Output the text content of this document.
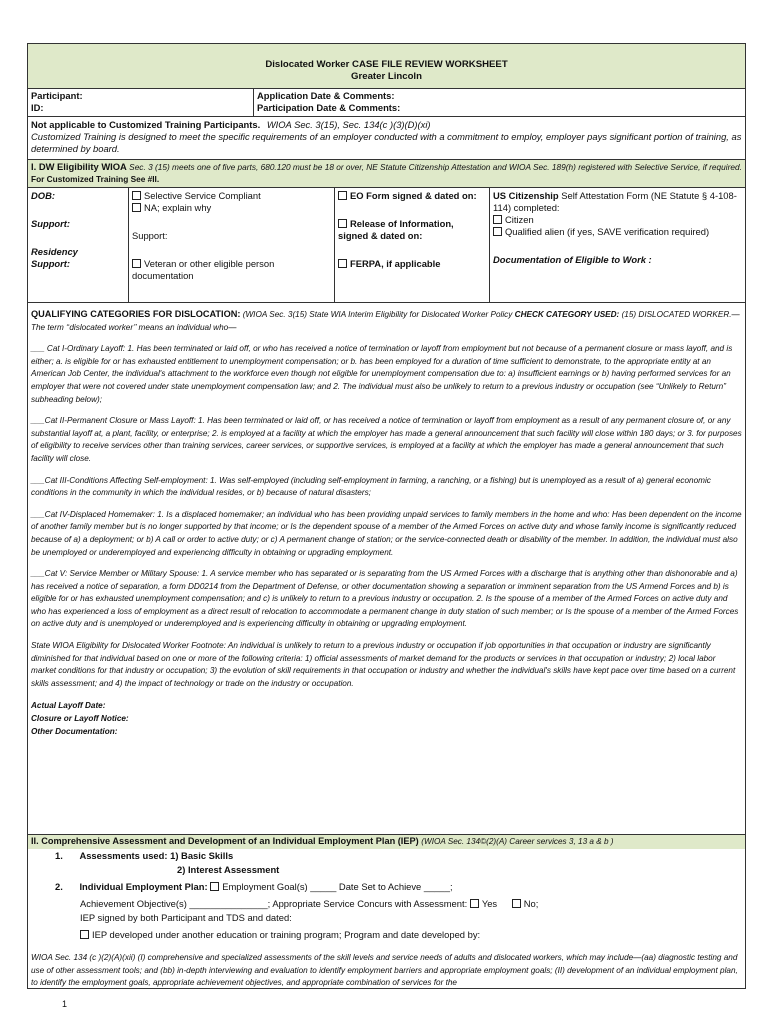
Dislocated Worker CASE FILE REVIEW WORKSHEET
Greater Lincoln
Participant:
ID:
Application Date & Comments:
Participation Date & Comments:
Not applicable to Customized Training Participants. WIOA Sec. 3(15), Sec. 134(c )(3)(D)(xi)
Customized Training is designed to meet the specific requirements of an employer conducted with a commitment to employ, employer pays significant portion of training, as determined by board.
I. DW Eligibility WIOA Sec. 3 (15) meets one of five parts, 680.120 must be 18 or over, NE Statute Citizenship Attestation and WIOA Sec. 189(h) registered with Selective Service, if required. For Customized Training See #II.
DOB:
Support:
Residency
Support:
Selective Service Compliant
NA; explain why
Support:
Veteran or other eligible person documentation
EO Form signed & dated on:
Release of Information, signed & dated on:
FERPA, if applicable
US Citizenship Self Attestation Form (NE Statute § 4-108-114) completed:
Citizen
Qualified alien (if yes, SAVE verification required)
Documentation of Eligible to Work :
QUALIFYING CATEGORIES FOR DISLOCATION: (WIOA Sec. 3(15) State WIA Interim Eligibility for Dislocated Worker Policy CHECK CATEGORY USED: (15) DISLOCATED WORKER.—The term ‘‘dislocated worker’’ means an individual who—

___ Cat I-Ordinary Layoff: 1. Has been terminated or laid off, or who has received a notice of termination or layoff from employment but not because of a permanent closure or mass layoff, and is either; a. is eligible for or has exhausted entitlement to unemployment compensation; or b. has been employed for a duration of time sufficient to demonstrate, to the appropriate entity at an American Job Center, the individual's attachment to the workforce even though not eligible for unemployment compensation due to: a) insufficient earnings or b) having performed services for an employer that were not covered under state unemployment compensation law; and 2. The individual must also be unlikely to return to a previous industry or occupation (see “Unlikely to Return” subheading below);

___Cat II-Permanent Closure or Mass Layoff: 1. Has been terminated or laid off, or has received a notice of termination or layoff from employment as a result of any permanent closure of, or any substantial layoff at, a plant, facility, or enterprise; 2. is employed at a facility at which the employer has made a general announcement that such facility will close within 180 days; or 3. for purposes of eligibility to receive services other than training services, career services, or supportive services, is employed at a facility at which the employer has made a general announcement that such facility will close.

___Cat III-Conditions Affecting Self-employment: 1. Was self-employed (including self-employment in farming, a ranching, or a fishing) but is unemployed as a result of a) general economic conditions in the community in which the individual resides, or b) because of natural disasters;

___Cat IV-Displaced Homemaker: 1. Is a displaced homemaker; an individual who has been providing unpaid services to family members in the home and who: Has been dependent on the income of another family member but is no longer supported by that income; or Is the dependent spouse of a member of the Armed Forces on active duty and whose family income is significantly reduced because of a) a deployment; or b) A call or order to active duty; or c) A permanent change of station; or the service-connected death or disability of the member. In addition, the individual must also be unemployed or underemployed and experiencing difficulty in obtaining or upgrading employment.

___Cat V: Service Member or Military Spouse: 1. A service member who has separated or is separating from the US Armed Forces with a discharge that is anything other than dishonorable and a) has received a notice of separation, a form DD0214 from the Department of Defense, or other documentation showing a separation or imminent separation from the US Armend Forces and b) is eligible for or has exhausted unemployment compensation; and c) is unlikely to return to a previous industry or occupation. 2. Is the spouse of a member of the Armed Forces on active duty and who has experienced a loss of employment as a direct result of relocation to accommodate a permanent change in duty station of such member; or Is the spouse of a member of the Armed Forces on active duty and is unemployed or underemployed and is experiencing difficulty in obtaining or upgrading employment.

State WIOA Eligibility for Dislocated Worker Footnote: An individual is unlikely to return to a previous industry or occupation if job opportunities in that occupation or industry are significantly diminished for that individual based on one or more of the following criteria: 1) official assessments of market demand for the products or services in that occupation or industry; 2) local labor market conditions for that industry or occupation; 3) the evolution of skill requirements in that occupation or industry and whether the individual's skills have kept pace over time based on a current skills assessment; and 4) the impact of technology or trade on the industry or occupation.

Actual Layoff Date:
Closure or Layoff Notice:
Other Documentation:
II. Comprehensive Assessment and Development of an Individual Employment Plan (IEP) (WIOA Sec. 134©(2)(A) Career services 3, 13 a & b )
1. Assessments used: 1) Basic Skills
2) Interest Assessment
2. Individual Employment Plan: Employment Goal(s) _____ Date Set to Achieve _____;
Achievement Objective(s) _______________; Appropriate Service Concurs with Assessment: Yes	No;
IEP signed by both Participant and TDS and dated:
IEP developed under another education or training program; Program and date developed by:

WIOA Sec. 134 (c )(2)(A)(xii) (I) comprehensive and specialized assessments of the skill levels and service needs of adults and dislocated workers, which may include—(aa) diagnostic testing and use of other assessment tools; and (bb) in-depth interviewing and evaluation to identify employment barriers and appropriate employment goals; (II) development of an individual employment plan, to identify the employment goals, appropriate achievement objectives, and appropriate combination of services for the

1
